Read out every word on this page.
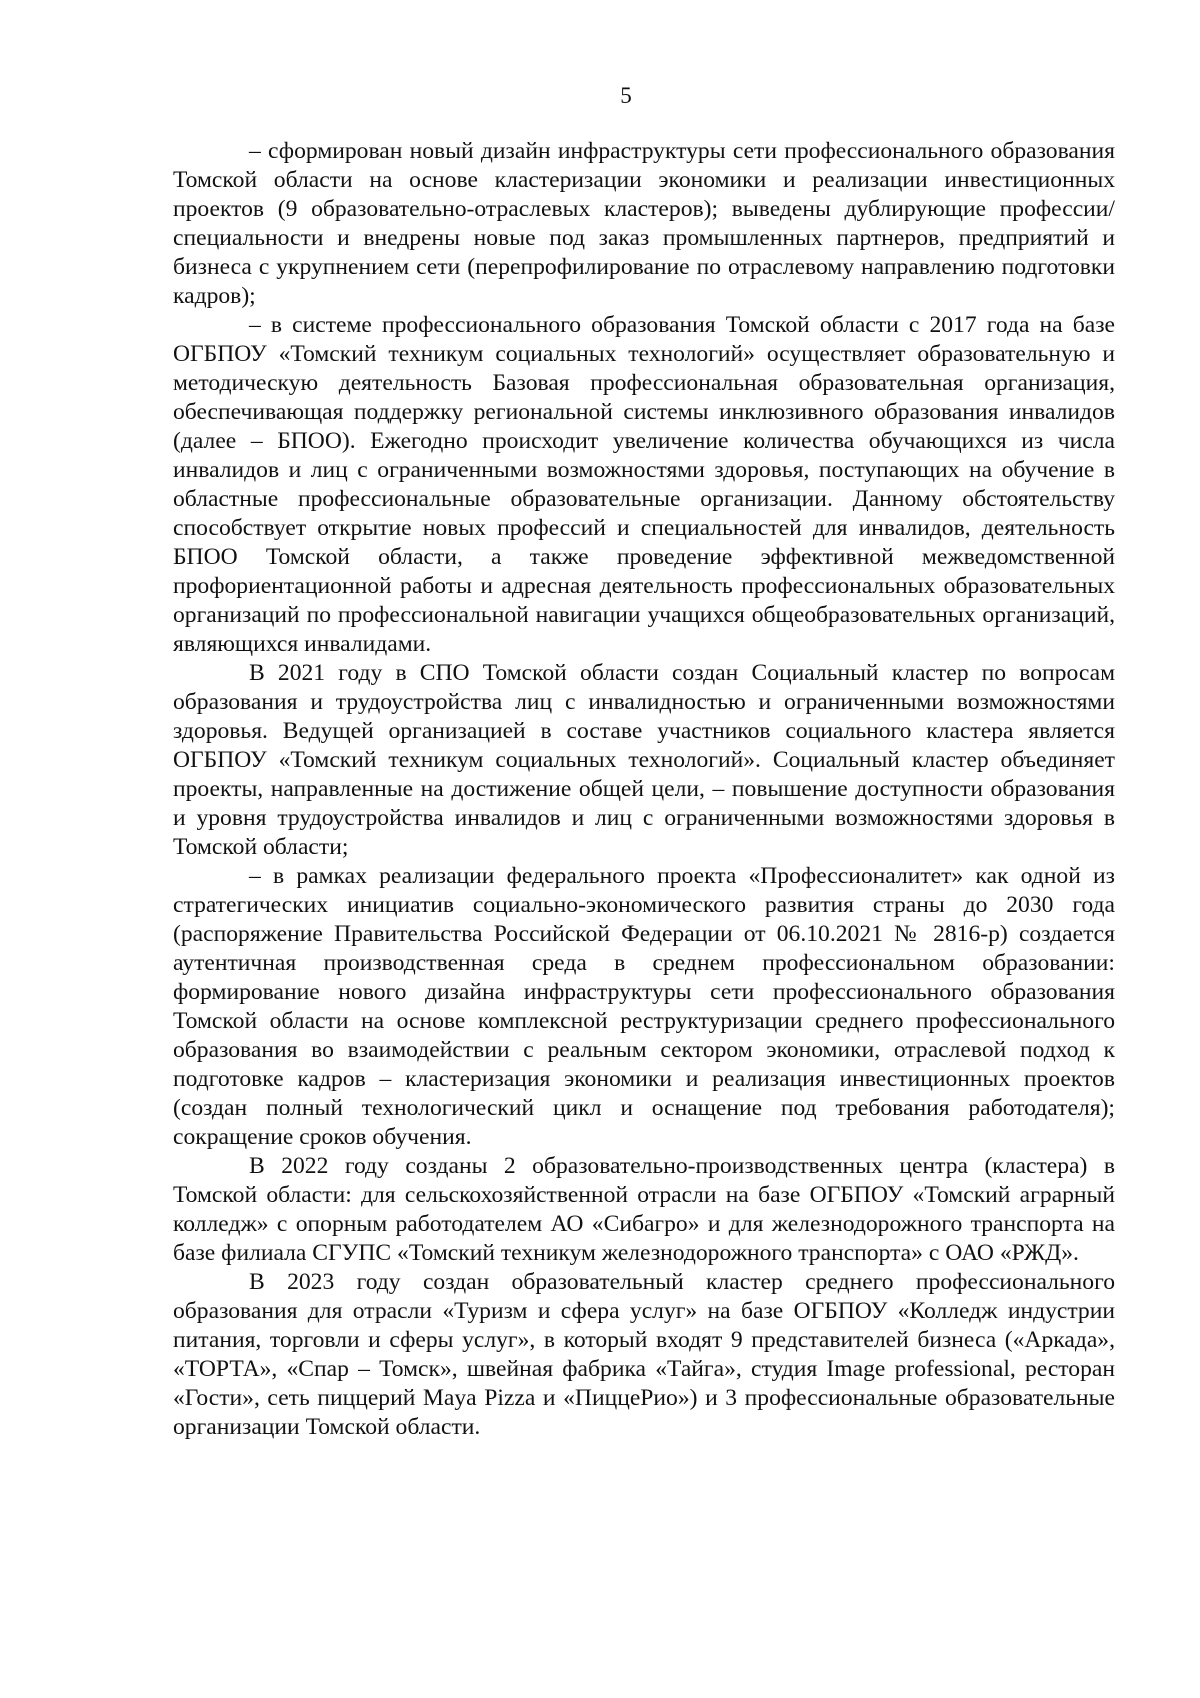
5

– сформирован новый дизайн инфраструктуры сети профессионального образования Томской области на основе кластеризации экономики и реализации инвестиционных проектов (9 образовательно-отраслевых кластеров); выведены дублирующие профессии/специальности и внедрены новые под заказ промышленных партнеров, предприятий и бизнеса с укрупнением сети (перепрофилирование по отраслевому направлению подготовки кадров);

– в системе профессионального образования Томской области с 2017 года на базе ОГБПОУ «Томский техникум социальных технологий» осуществляет образовательную и методическую деятельность Базовая профессиональная образовательная организация, обеспечивающая поддержку региональной системы инклюзивного образования инвалидов (далее – БПОО). Ежегодно происходит увеличение количества обучающихся из числа инвалидов и лиц с ограниченными возможностями здоровья, поступающих на обучение в областные профессиональные образовательные организации. Данному обстоятельству способствует открытие новых профессий и специальностей для инвалидов, деятельность БПОО Томской области, а также проведение эффективной межведомственной профориентационной работы и адресная деятельность профессиональных образовательных организаций по профессиональной навигации учащихся общеобразовательных организаций, являющихся инвалидами.

В 2021 году в СПО Томской области создан Социальный кластер по вопросам образования и трудоустройства лиц с инвалидностью и ограниченными возможностями здоровья. Ведущей организацией в составе участников социального кластера является ОГБПОУ «Томский техникум социальных технологий». Социальный кластер объединяет проекты, направленные на достижение общей цели, – повышение доступности образования и уровня трудоустройства инвалидов и лиц с ограниченными возможностями здоровья в Томской области;

– в рамках реализации федерального проекта «Профессионалитет» как одной из стратегических инициатив социально-экономического развития страны до 2030 года (распоряжение Правительства Российской Федерации от 06.10.2021 № 2816-р) создается аутентичная производственная среда в среднем профессиональном образовании: формирование нового дизайна инфраструктуры сети профессионального образования Томской области на основе комплексной реструктуризации среднего профессионального образования во взаимодействии с реальным сектором экономики, отраслевой подход к подготовке кадров – кластеризация экономики и реализация инвестиционных проектов (создан полный технологический цикл и оснащение под требования работодателя); сокращение сроков обучения.

В 2022 году созданы 2 образовательно-производственных центра (кластера) в Томской области: для сельскохозяйственной отрасли на базе ОГБПОУ «Томский аграрный колледж» с опорным работодателем АО «Сибагро» и для железнодорожного транспорта на базе филиала СГУПС «Томский техникум железнодорожного транспорта» с ОАО «РЖД».

В 2023 году создан образовательный кластер среднего профессионального образования для отрасли «Туризм и сфера услуг» на базе ОГБПОУ «Колледж индустрии питания, торговли и сферы услуг», в который входят 9 представителей бизнеса («Аркада», «ТОРТА», «Спар – Томск», швейная фабрика «Тайга», студия Image professional, ресторан «Гости», сеть пиццерий Maya Pizza и «ПиццеРио») и 3 профессиональные образовательные организации Томской области.
